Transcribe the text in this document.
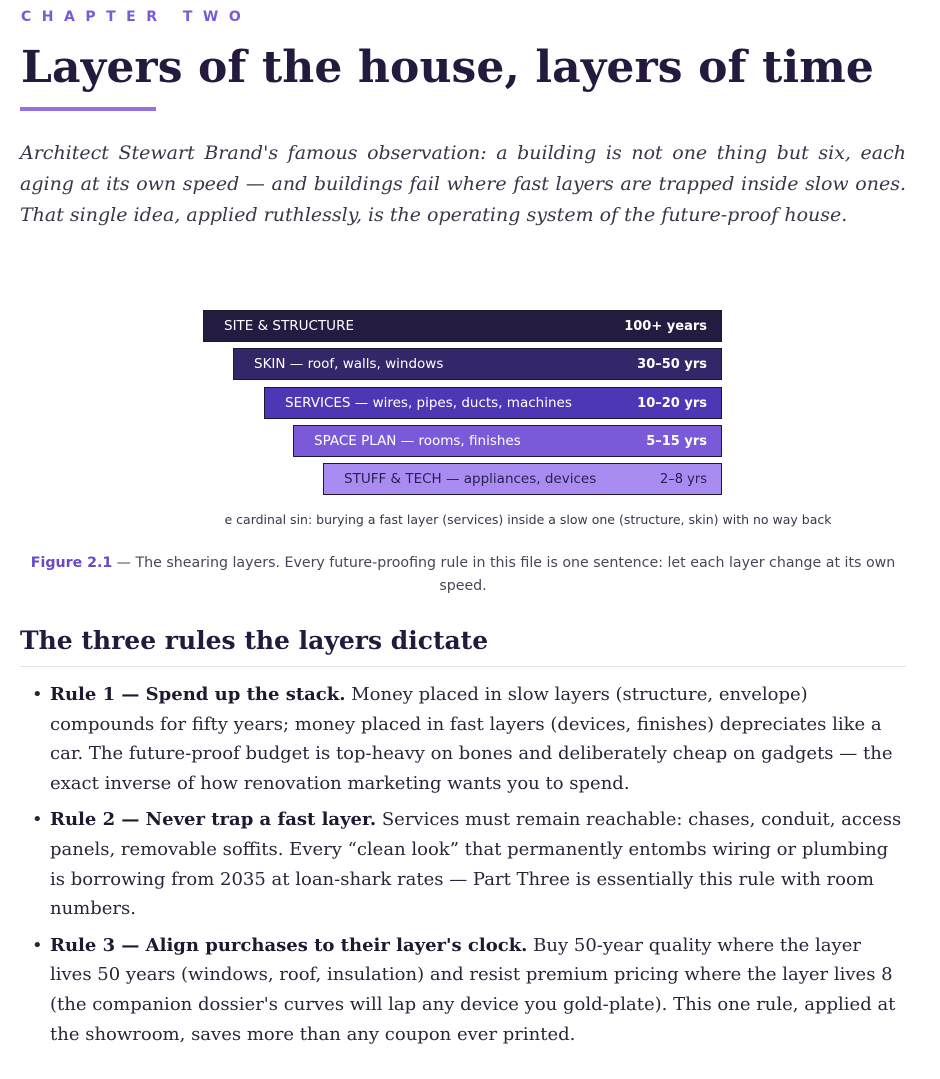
CHAPTER TWO
Layers of the house, layers of time

Architect Stewart Brand's famous observation: a building is not one thing but six, each aging at its own speed — and buildings fail where fast layers are trapped inside slow ones. That single idea, applied ruthlessly, is the operating system of the future-proof house.

SITE & STRUCTURE	100+ years
SKIN — roof, walls, windows	30–50 yrs
SERVICES — wires, pipes, ducts, machines	10–20 yrs
SPACE PLAN — rooms, finishes	5–15 yrs
STUFF & TECH — appliances, devices	2–8 yrs
e cardinal sin: burying a fast layer (services) inside a slow one (structure, skin) with no way back
Figure 2.1 — The shearing layers. Every future-proofing rule in this file is one sentence: let each layer change at its own speed.
The three rules the layers dictate
• Rule 1 — Spend up the stack. Money placed in slow layers (structure, envelope) compounds for fifty years; money placed in fast layers (devices, finishes) depreciates like a car. The future-proof budget is top-heavy on bones and deliberately cheap on gadgets — the exact inverse of how renovation marketing wants you to spend.
• Rule 2 — Never trap a fast layer. Services must remain reachable: chases, conduit, access panels, removable soffits. Every “clean look” that permanently entombs wiring or plumbing is borrowing from 2035 at loan-shark rates — Part Three is essentially this rule with room numbers.
• Rule 3 — Align purchases to their layer's clock. Buy 50-year quality where the layer lives 50 years (windows, roof, insulation) and resist premium pricing where the layer lives 8 (the companion dossier's curves will lap any device you gold-plate). This one rule, applied at the showroom, saves more than any coupon ever printed.
